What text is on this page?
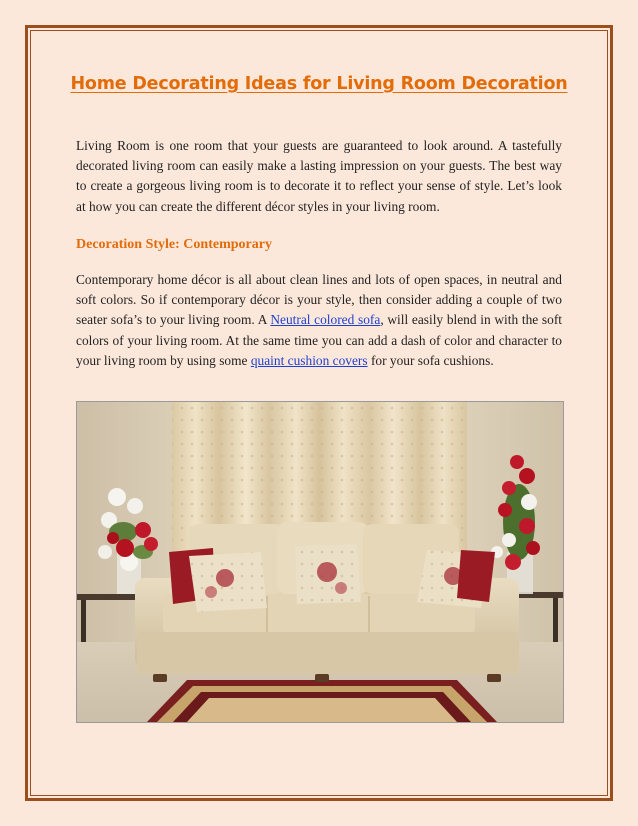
Home Decorating Ideas for Living Room Decoration

Living Room is one room that your guests are guaranteed to look around. A tastefully decorated living room can easily make a lasting impression on your guests. The best way to create a gorgeous living room is to decorate it to reflect your sense of style. Let’s look at how you can create the different décor styles in your living room.

Decoration Style: Contemporary

Contemporary home décor is all about clean lines and lots of open spaces, in neutral and soft colors. So if contemporary décor is your style, then consider adding a couple of two seater sofa’s to your living room. A Neutral colored sofa, will easily blend in with the soft colors of your living room. At the same time you can add a dash of color and character to your living room by using some quaint cushion covers for your sofa cushions.
